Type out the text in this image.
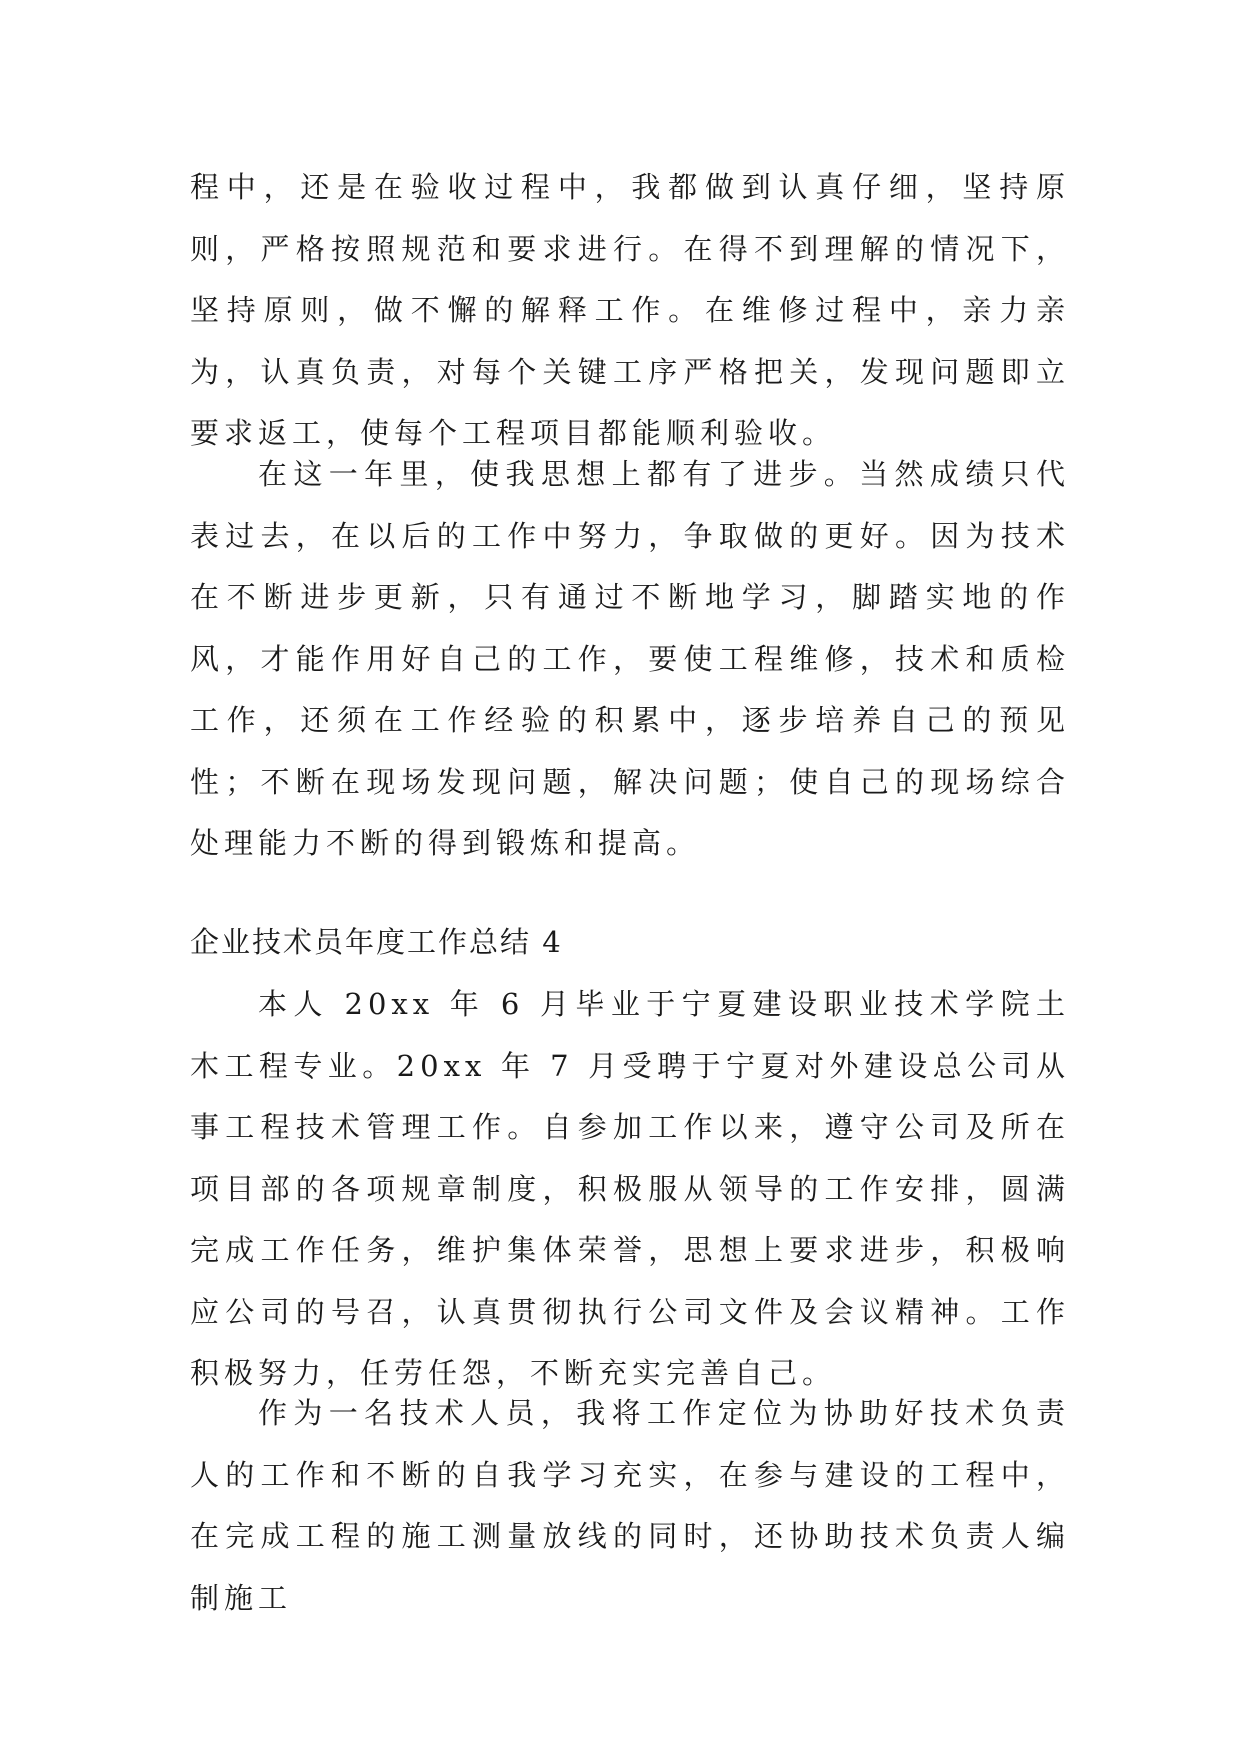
程中，还是在验收过程中，我都做到认真仔细，坚持原则，严格按照规范和要求进行。在得不到理解的情况下，坚持原则，做不懈的解释工作。在维修过程中，亲力亲为，认真负责，对每个关键工序严格把关，发现问题即立要求返工，使每个工程项目都能顺利验收。
在这一年里，使我思想上都有了进步。当然成绩只代表过去，在以后的工作中努力，争取做的更好。因为技术在不断进步更新，只有通过不断地学习，脚踏实地的作风，才能作用好自己的工作，要使工程维修，技术和质检工作，还须在工作经验的积累中，逐步培养自己的预见性；不断在现场发现问题，解决问题；使自己的现场综合处理能力不断的得到锻炼和提高。
企业技术员年度工作总结 4
本人 20xx 年 6 月毕业于宁夏建设职业技术学院土木工程专业。20xx 年 7 月受聘于宁夏对外建设总公司从事工程技术管理工作。自参加工作以来，遵守公司及所在项目部的各项规章制度，积极服从领导的工作安排，圆满完成工作任务，维护集体荣誉，思想上要求进步，积极响应公司的号召，认真贯彻执行公司文件及会议精神。工作积极努力，任劳任怨，不断充实完善自己。
作为一名技术人员，我将工作定位为协助好技术负责人的工作和不断的自我学习充实，在参与建设的工程中，在完成工程的施工测量放线的同时，还协助技术负责人编制施工
